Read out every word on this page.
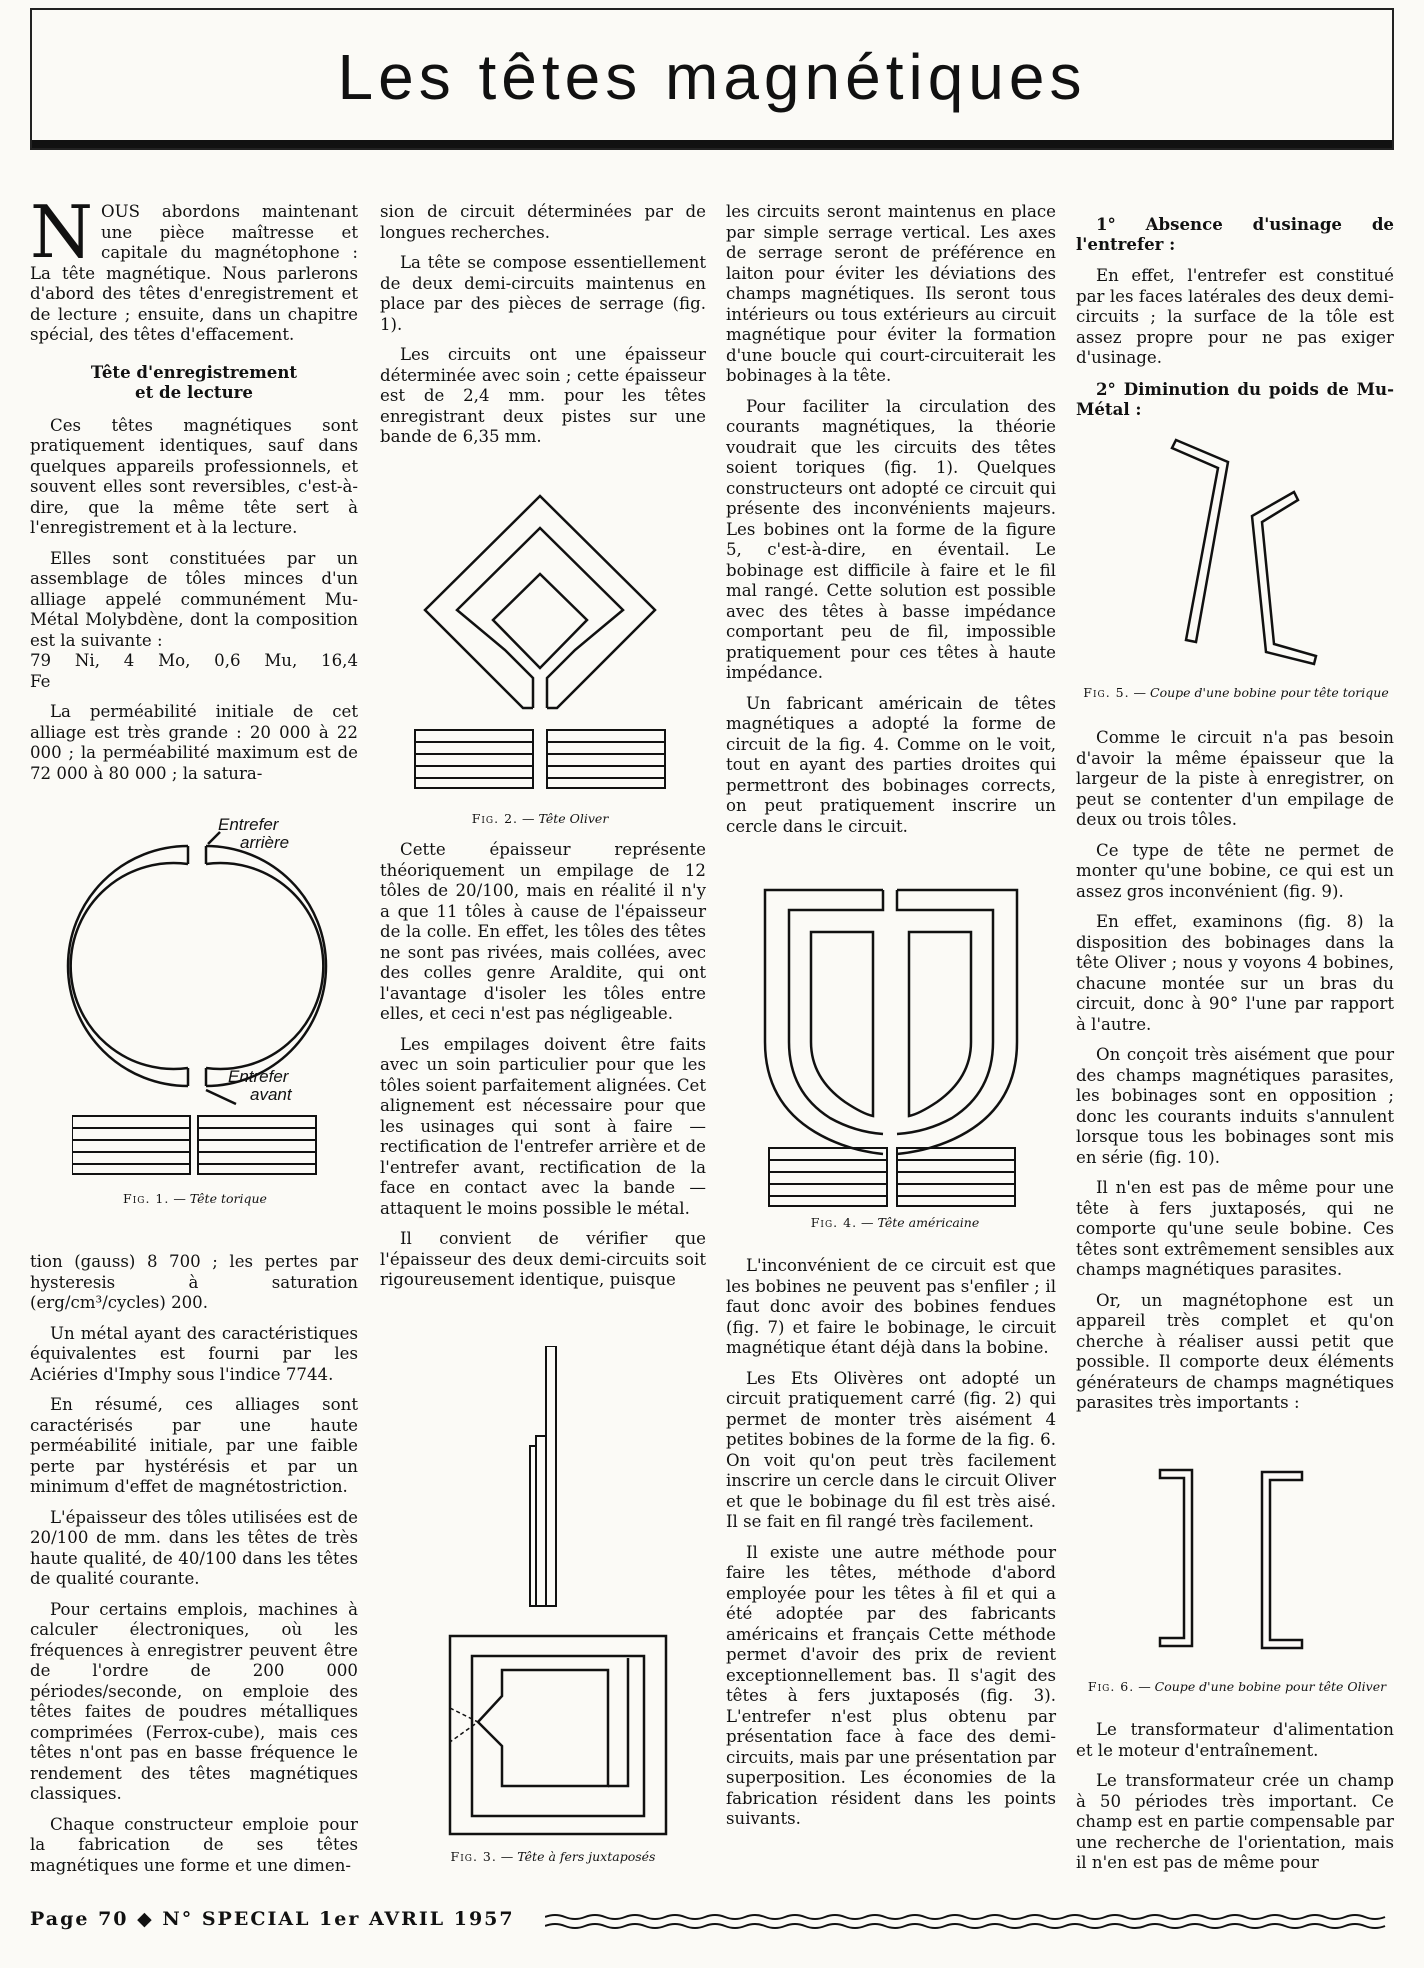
Les têtes magnétiques

NOUS abordons maintenant une pièce maîtresse et capitale du magnétophone : La tête magnétique. Nous parlerons d'abord des têtes d'enregistrement et de lecture ; ensuite, dans un chapitre spécial, des têtes d'effacement.

Tête d'enregistrement
et de lecture

Ces têtes magnétiques sont pratiquement identiques, sauf dans quelques appareils professionnels, et souvent elles sont reversibles, c'est-à-dire, que la même tête sert à l'enregistrement et à la lecture.

Elles sont constituées par un assemblage de tôles minces d'un alliage appelé communément Mu-Métal Molybdène, dont la composition est la suivante :

79 Ni, 4 Mo, 0,6 Mu, 16,4 Fe

La perméabilité initiale de cet alliage est très grande : 20 000 à 22 000 ; la perméabilité maximum est de 72 000 à 80 000 ; la satura-

Entrefer
arrière
Entrefer
avant
Fig. 1. — Tête torique

tion (gauss) 8 700 ; les pertes par hysteresis à saturation (erg/cm³/cycles) 200.

Un métal ayant des caractéristiques équivalentes est fourni par les Aciéries d'Imphy sous l'indice 7744.

En résumé, ces alliages sont caractérisés par une haute perméabilité initiale, par une faible perte par hystérésis et par un minimum d'effet de magnétostriction.

L'épaisseur des tôles utilisées est de 20/100 de mm. dans les têtes de très haute qualité, de 40/100 dans les têtes de qualité courante.

Pour certains emplois, machines à calculer électroniques, où les fréquences à enregistrer peuvent être de l'ordre de 200 000 périodes/seconde, on emploie des têtes faites de poudres métalliques comprimées (Ferrox-cube), mais ces têtes n'ont pas en basse fréquence le rendement des têtes magnétiques classiques.

Chaque constructeur emploie pour la fabrication de ses têtes magnétiques une forme et une dimen-

sion de circuit déterminées par de longues recherches.

La tête se compose essentiellement de deux demi-circuits maintenus en place par des pièces de serrage (fig. 1).

Les circuits ont une épaisseur déterminée avec soin ; cette épaisseur est de 2,4 mm. pour les têtes enregistrant deux pistes sur une bande de 6,35 mm.

Fig. 2. — Tête Oliver

Cette épaisseur représente théoriquement un empilage de 12 tôles de 20/100, mais en réalité il n'y a que 11 tôles à cause de l'épaisseur de la colle. En effet, les tôles des têtes ne sont pas rivées, mais collées, avec des colles genre Araldite, qui ont l'avantage d'isoler les tôles entre elles, et ceci n'est pas négligeable.

Les empilages doivent être faits avec un soin particulier pour que les tôles soient parfaitement alignées. Cet alignement est nécessaire pour que les usinages qui sont à faire — rectification de l'entrefer arrière et de l'entrefer avant, rectification de la face en contact avec la bande — attaquent le moins possible le métal.

Il convient de vérifier que l'épaisseur des deux demi-circuits soit rigoureusement identique, puisque

Fig. 3. — Tête à fers juxtaposés

les circuits seront maintenus en place par simple serrage vertical. Les axes de serrage seront de préférence en laiton pour éviter les déviations des champs magnétiques. Ils seront tous intérieurs ou tous extérieurs au circuit magnétique pour éviter la formation d'une boucle qui court-circuiterait les bobinages à la tête.

Pour faciliter la circulation des courants magnétiques, la théorie voudrait que les circuits des têtes soient toriques (fig. 1). Quelques constructeurs ont adopté ce circuit qui présente des inconvénients majeurs. Les bobines ont la forme de la figure 5, c'est-à-dire, en éventail. Le bobinage est difficile à faire et le fil mal rangé. Cette solution est possible avec des têtes à basse impédance comportant peu de fil, impossible pratiquement pour ces têtes à haute impédance.

Un fabricant américain de têtes magnétiques a adopté la forme de circuit de la fig. 4. Comme on le voit, tout en ayant des parties droites qui permettront des bobinages corrects, on peut pratiquement inscrire un cercle dans le circuit.

Fig. 4. — Tête américaine

L'inconvénient de ce circuit est que les bobines ne peuvent pas s'enfiler ; il faut donc avoir des bobines fendues (fig. 7) et faire le bobinage, le circuit magnétique étant déjà dans la bobine.

Les Ets Olivères ont adopté un circuit pratiquement carré (fig. 2) qui permet de monter très aisément 4 petites bobines de la forme de la fig. 6. On voit qu'on peut très facilement inscrire un cercle dans le circuit Oliver et que le bobinage du fil est très aisé. Il se fait en fil rangé très facilement.

Il existe une autre méthode pour faire les têtes, méthode d'abord employée pour les têtes à fil et qui a été adoptée par des fabricants américains et français Cette méthode permet d'avoir des prix de revient exceptionnellement bas. Il s'agit des têtes à fers juxtaposés (fig. 3). L'entrefer n'est plus obtenu par présentation face à face des demi-circuits, mais par une présentation par superposition. Les économies de la fabrication résident dans les points suivants.

1° Absence d'usinage de l'entrefer :

En effet, l'entrefer est constitué par les faces latérales des deux demi-circuits ; la surface de la tôle est assez propre pour ne pas exiger d'usinage.

2° Diminution du poids de Mu-Métal :
Fig. 5. — Coupe d'une bobine pour tête torique

Comme le circuit n'a pas besoin d'avoir la même épaisseur que la largeur de la piste à enregistrer, on peut se contenter d'un empilage de deux ou trois tôles.

Ce type de tête ne permet de monter qu'une bobine, ce qui est un assez gros inconvénient (fig. 9).

En effet, examinons (fig. 8) la disposition des bobinages dans la tête Oliver ; nous y voyons 4 bobines, chacune montée sur un bras du circuit, donc à 90° l'une par rapport à l'autre.

On conçoit très aisément que pour des champs magnétiques parasites, les bobinages sont en opposition ; donc les courants induits s'annulent lorsque tous les bobinages sont mis en série (fig. 10).

Il n'en est pas de même pour une tête à fers juxtaposés, qui ne comporte qu'une seule bobine. Ces têtes sont extrêmement sensibles aux champs magnétiques parasites.

Or, un magnétophone est un appareil très complet et qu'on cherche à réaliser aussi petit que possible. Il comporte deux éléments générateurs de champs magnétiques parasites très importants :

Fig. 6. — Coupe d'une bobine pour tête Oliver

Le transformateur d'alimentation et le moteur d'entraînement.

Le transformateur crée un champ à 50 périodes très important. Ce champ est en partie compensable par une recherche de l'orientation, mais il n'en est pas de même pour

Page 70 ◆ N° SPECIAL 1er AVRIL 1957
